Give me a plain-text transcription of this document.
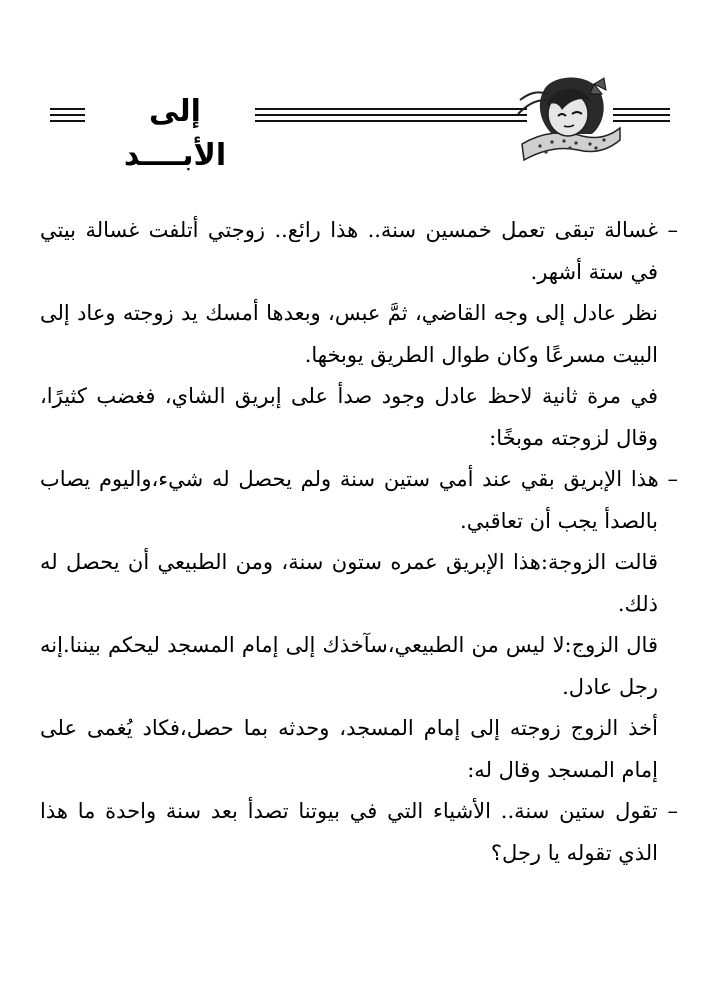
إلى الأبــــد

– غسالة تبقى تعمل خمسين سنة.. هذا رائع.. زوجتي أتلفت غسالة بيتي في ستة أشهر.

نظر عادل إلى وجه القاضي، ثمَّ عبس، وبعدها أمسك يد زوجته وعاد إلى البيت مسرعًا وكان طوال الطريق يوبخها.

في مرة ثانية لاحظ عادل وجود صدأ على إبريق الشاي، فغضب كثيرًا، وقال لزوجته موبخًا:

– هذا الإبريق بقي عند أمي ستين سنة ولم يحصل له شيء،واليوم يصاب بالصدأ يجب أن تعاقبي.

قالت الزوجة:هذا الإبريق عمره ستون سنة، ومن الطبيعي أن يحصل له ذلك.

قال الزوج:لا ليس من الطبيعي،سآخذك إلى إمام المسجد ليحكم بيننا.إنه رجل عادل.

أخذ الزوج زوجته إلى إمام المسجد، وحدثه بما حصل،فكاد يُغمى على إمام المسجد وقال له:

– تقول ستين سنة.. الأشياء التي في بيوتنا تصدأ بعد سنة واحدة ما هذا الذي تقوله يا رجل؟
